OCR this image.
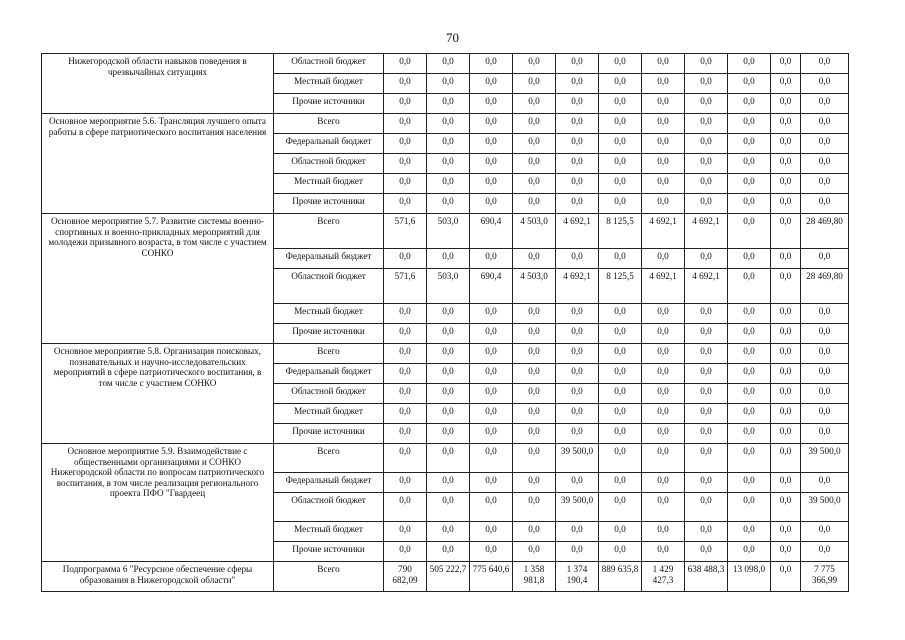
70
Нижегородской области навыков поведения в чрезвычайных ситуациях	Областной бюджет	0,0	0,0	0,0	0,0	0,0	0,0	0,0	0,0	0,0	0,0	0,0
	Местный бюджет	0,0	0,0	0,0	0,0	0,0	0,0	0,0	0,0	0,0	0,0	0,0
	Прочие источники	0,0	0,0	0,0	0,0	0,0	0,0	0,0	0,0	0,0	0,0	0,0
Основное мероприятие 5.6. Трансляция лучшего опыта работы в сфере патриотического воспитания населения	Всего	0,0	0,0	0,0	0,0	0,0	0,0	0,0	0,0	0,0	0,0	0,0
	Федеральный бюджет	0,0	0,0	0,0	0,0	0,0	0,0	0,0	0,0	0,0	0,0	0,0
	Областной бюджет	0,0	0,0	0,0	0,0	0,0	0,0	0,0	0,0	0,0	0,0	0,0
	Местный бюджет	0,0	0,0	0,0	0,0	0,0	0,0	0,0	0,0	0,0	0,0	0,0
	Прочие источники	0,0	0,0	0,0	0,0	0,0	0,0	0,0	0,0	0,0	0,0	0,0
Основное мероприятие 5.7. Развитие системы военно-спортивных и военно-прикладных мероприятий для молодежи призывного возраста, в том числе с участием СОНКО	Всего	571,6	503,0	690,4	4 503,0	4 692,1	8 125,5	4 692,1	4 692,1	0,0	0,0	28 469,80
	Федеральный бюджет	0,0	0,0	0,0	0,0	0,0	0,0	0,0	0,0	0,0	0,0	0,0
	Областной бюджет	571,6	503,0	690,4	4 503,0	4 692,1	8 125,5	4 692,1	4 692,1	0,0	0,0	28 469,80
	Местный бюджет	0,0	0,0	0,0	0,0	0,0	0,0	0,0	0,0	0,0	0,0	0,0
	Прочие источники	0,0	0,0	0,0	0,0	0,0	0,0	0,0	0,0	0,0	0,0	0,0
Основное мероприятие 5.8. Организация поисковых, познавательных и научно-исследовательских мероприятий в сфере патриотического воспитания, в том числе с участием СОНКО	Всего	0,0	0,0	0,0	0,0	0,0	0,0	0,0	0,0	0,0	0,0	0,0
	Федеральный бюджет	0,0	0,0	0,0	0,0	0,0	0,0	0,0	0,0	0,0	0,0	0,0
	Областной бюджет	0,0	0,0	0,0	0,0	0,0	0,0	0,0	0,0	0,0	0,0	0,0
	Местный бюджет	0,0	0,0	0,0	0,0	0,0	0,0	0,0	0,0	0,0	0,0	0,0
	Прочие источники	0,0	0,0	0,0	0,0	0,0	0,0	0,0	0,0	0,0	0,0	0,0
Основное мероприятие 5.9. Взаимодействие с общественными организациями и СОНКО Нижегородской области по вопросам патриотического воспитания, в том числе реализация регионального проекта ПФО "Гвардеец	Всего	0,0	0,0	0,0	0,0	39 500,0	0,0	0,0	0,0	0,0	0,0	39 500,0
	Федеральный бюджет	0,0	0,0	0,0	0,0	0,0	0,0	0,0	0,0	0,0	0,0	0,0
	Областной бюджет	0,0	0,0	0,0	0,0	39 500,0	0,0	0,0	0,0	0,0	0,0	39 500,0
	Местный бюджет	0,0	0,0	0,0	0,0	0,0	0,0	0,0	0,0	0,0	0,0	0,0
	Прочие источники	0,0	0,0	0,0	0,0	0,0	0,0	0,0	0,0	0,0	0,0	0,0
Подпрограмма 6 "Ресурсное обеспечение сферы образования в Нижегородской области"	Всего	790 682,09	505 222,7	775 640,6	1 358 981,8	1 374 190,4	889 635,8	1 429 427,3	638 488,3	13 098,0	0,0	7 775 366,99
